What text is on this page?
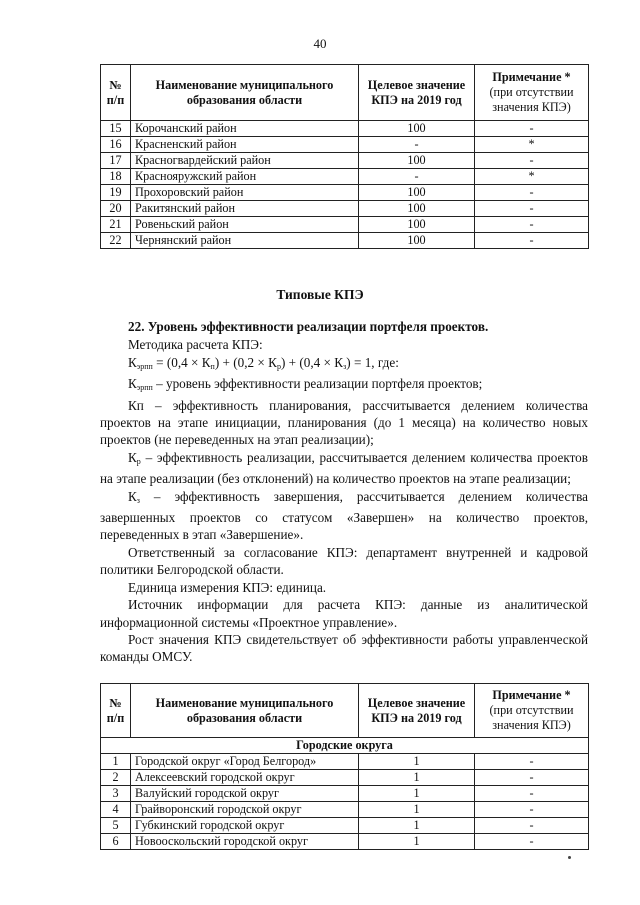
40
№ п/п	Наименование муниципального образования области	Целевое значение КПЭ на 2019 год	Примечание *
(при отсутствии значения КПЭ)

15	Корочанский район	100	-
16	Красненский район	-	*
17	Красногвардейский район	100	-
18	Краснояружский район	-	*
19	Прохоровский район	100	-
20	Ракитянский район	100	-
21	Ровеньский район	100	-
22	Чернянский район	100	-
Типовые КПЭ

22. Уровень эффективности реализации портфеля проектов.

Методика расчета КПЭ:

$К_{эрпп} = (0,4 \times К_п) + (0,2 \times К_р) + (0,4 \times К_з) = 1$, где:

$К_{эрпп}$ – уровень эффективности реализации портфеля проектов;

Кп – эффективность планирования, рассчитывается делением количества проектов на этапе инициации, планирования (до 1 месяца) на количество новых проектов (не переведенных на этап реализации);

$К_р$ – эффективность реализации, рассчитывается делением количества проектов на этапе реализации (без отклонений) на количество проектов на этапе реализации;

$К_з$ – эффективность завершения, рассчитывается делением количества завершенных проектов со статусом «Завершен» на количество проектов, переведенных в этап «Завершение».

Ответственный за согласование КПЭ: департамент внутренней и кадровой политики Белгородской области.

Единица измерения КПЭ: единица.

Источник информации для расчета КПЭ: данные из аналитической информационной системы «Проектное управление».

Рост значения КПЭ свидетельствует об эффективности работы управленческой команды ОМСУ.

№ п/п	Наименование муниципального образования области	Целевое значение КПЭ на 2019 год	Примечание *
(при отсутствии значения КПЭ)

Городские округа			
1	Городской округ «Город Белгород»	1	-
2	Алексеевский городской округ	1	-
3	Валуйский городской округ	1	-
4	Грайворонский городской округ	1	-
5	Губкинский городской округ	1	-
6	Новооскольский городской округ	1	-
